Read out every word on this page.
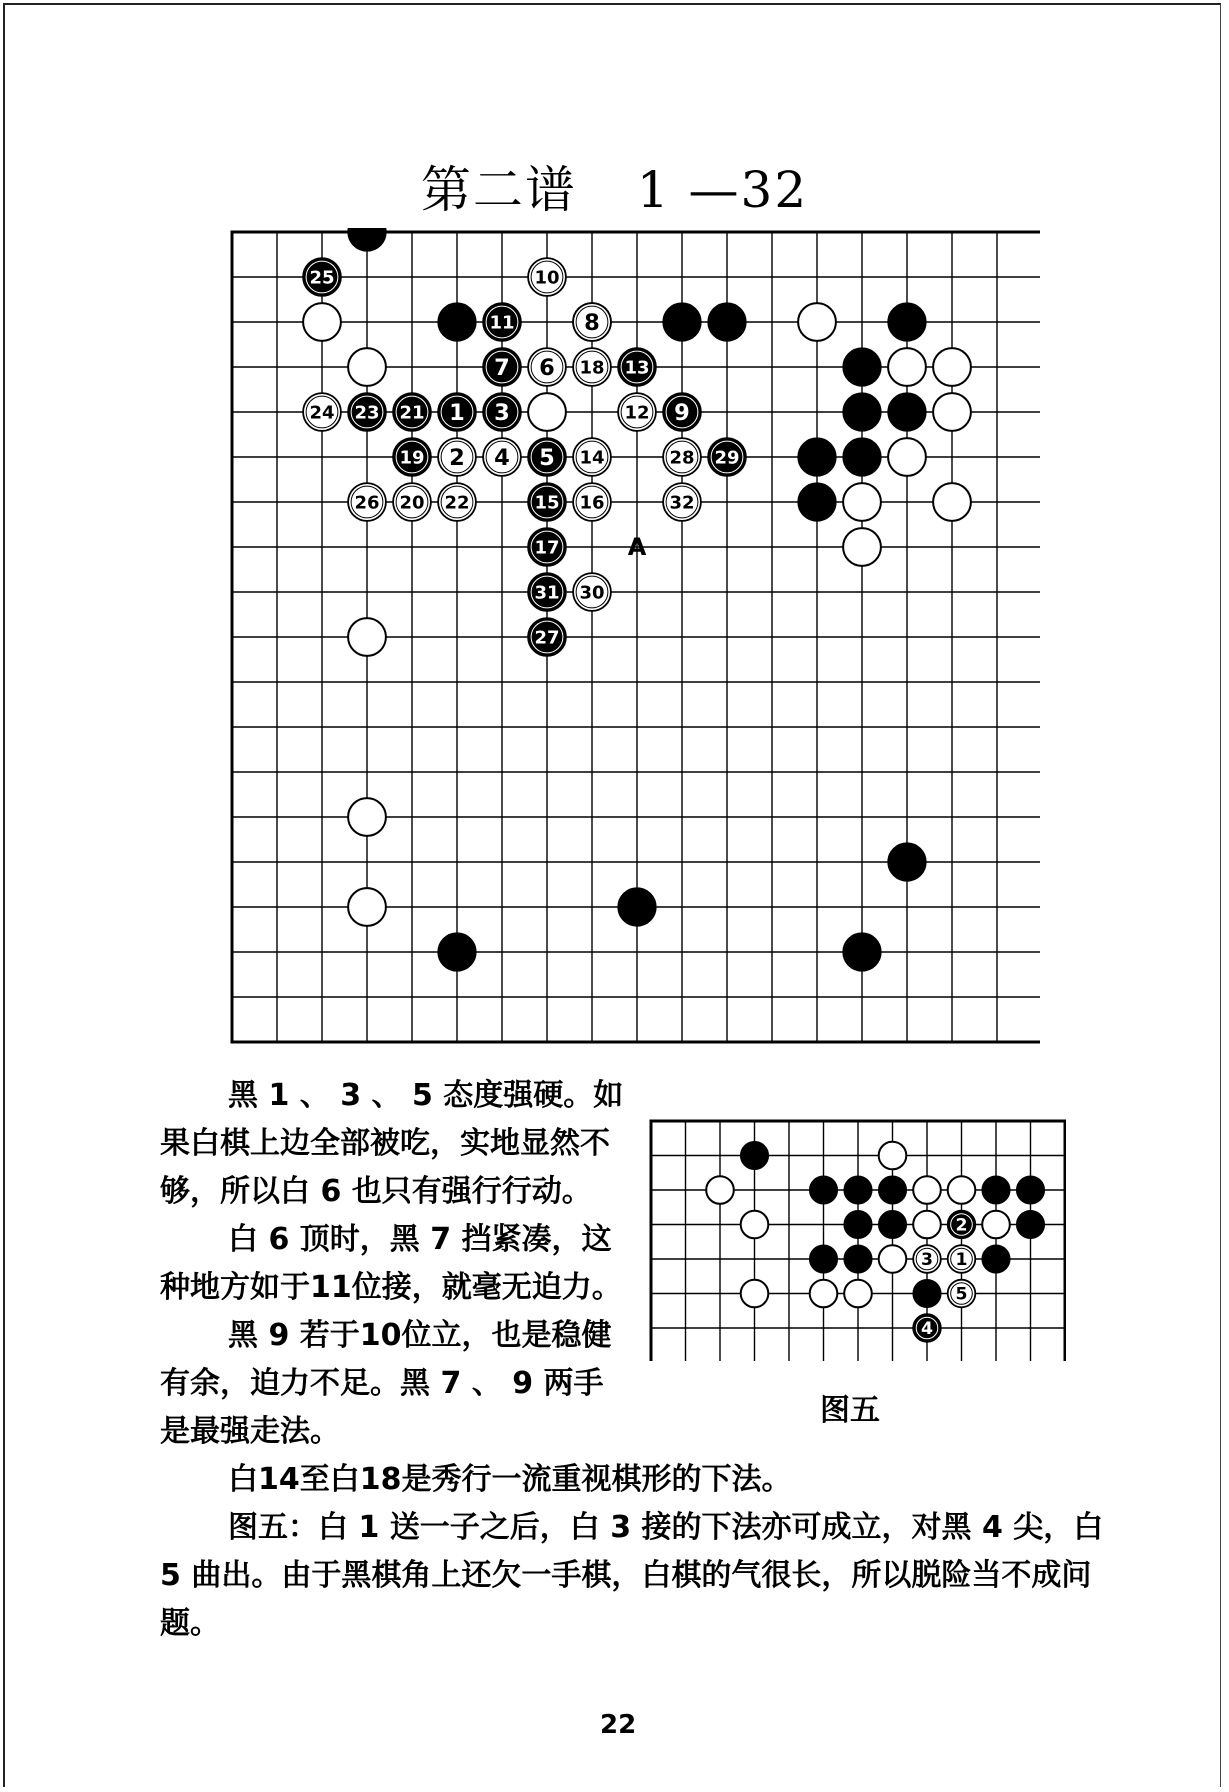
第二谱 1 —32
1 3
5
7
9
11
13
15
17
19
21
23
25
27
29
31
2 4
6
8
10
12
14
16
18
20 22
24
26
28
30
32
A
黑 1 、 3 、 5 态度强硬。如果白棋上边全部被吃，实地显然不够，所以白 6 也只有强行行动。
白 6 顶时，黑 7 挡紧凑，这种地方如于11位接，就毫无迫力。
黑 9 若于10位立，也是稳健有余，迫力不足。黑 7 、 9 两手是最强走法。
白14至白18是秀行一流重视棋形的下法。
图五：白 1 送一子之后，白 3 接的下法亦可成立，对黑 4 尖，白5 曲出。由于黑棋角上还欠一手棋，白棋的气很长，所以脱险当不成问题。
2
4
1
3
5
图五
22
